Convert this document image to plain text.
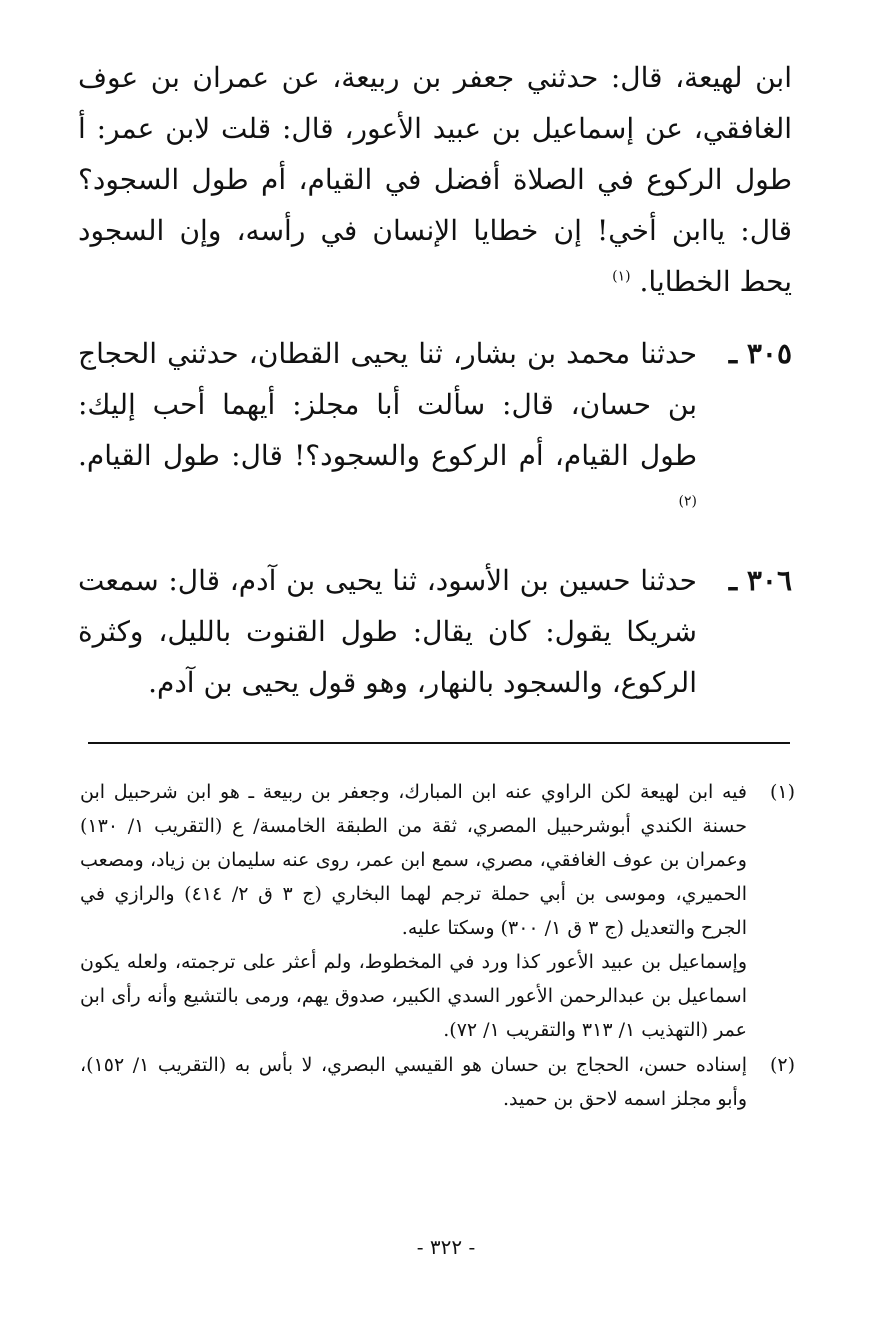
ابن لهيعة، قال: حدثني جعفر بن ربيعة، عن عمران بن عوف الغافقي، عن إسماعيل بن عبيد الأعور، قال: قلت لابن عمر: أ طول الركوع في الصلاة أفضل في القيام، أم طول السجود؟ قال: ياابن أخي! إن خطايا الإنسان في رأسه، وإن السجود يحط الخطايا. $^{(١)}$

٣٠٥ ـ
حدثنا محمد بن بشار، ثنا يحيى القطان، حدثني الحجاج بن حسان، قال: سألت أبا مجلز: أيهما أحب إليك: طول القيام، أم الركوع والسجود؟! قال: طول القيام. $^{(٢)}$
٣٠٦ ـ
حدثنا حسين بن الأسود، ثنا يحيى بن آدم، قال: سمعت شريكا يقول: كان يقال: طول القنوت بالليل، وكثرة الركوع، والسجود بالنهار، وهو قول يحيى بن آدم.
(١)
فيه ابن لهيعة لكن الراوي عنه ابن المبارك، وجعفر بن ربيعة ـ هو ابن شرحبيل ابن حسنة الكندي أبوشرحبيل المصري، ثقة من الطبقة الخامسة/ ع (التقريب ١/ ١٣٠) وعمران بن عوف الغافقي، مصري، سمع ابن عمر، روى عنه سليمان بن زياد، ومصعب الحميري، وموسى بن أبي حملة ترجم لهما البخاري (ج ٣ ق ٢/ ٤١٤) والرازي في الجرح والتعديل (ج ٣ ق ١/ ٣٠٠) وسكتا عليه.
وإسماعيل بن عبيد الأعور كذا ورد في المخطوط، ولم أعثر على ترجمته، ولعله يكون اسماعيل بن عبدالرحمن الأعور السدي الكبير، صدوق يهم، ورمى بالتشيع وأنه رأى ابن عمر (التهذيب ١/ ٣١٣ والتقريب ١/ ٧٢).
(٢)
إسناده حسن، الحجاج بن حسان هو القيسي البصري، لا بأس به (التقريب ١/ ١٥٢)، وأبو مجلز اسمه لاحق بن حميد.
- ٣٢٢ -
